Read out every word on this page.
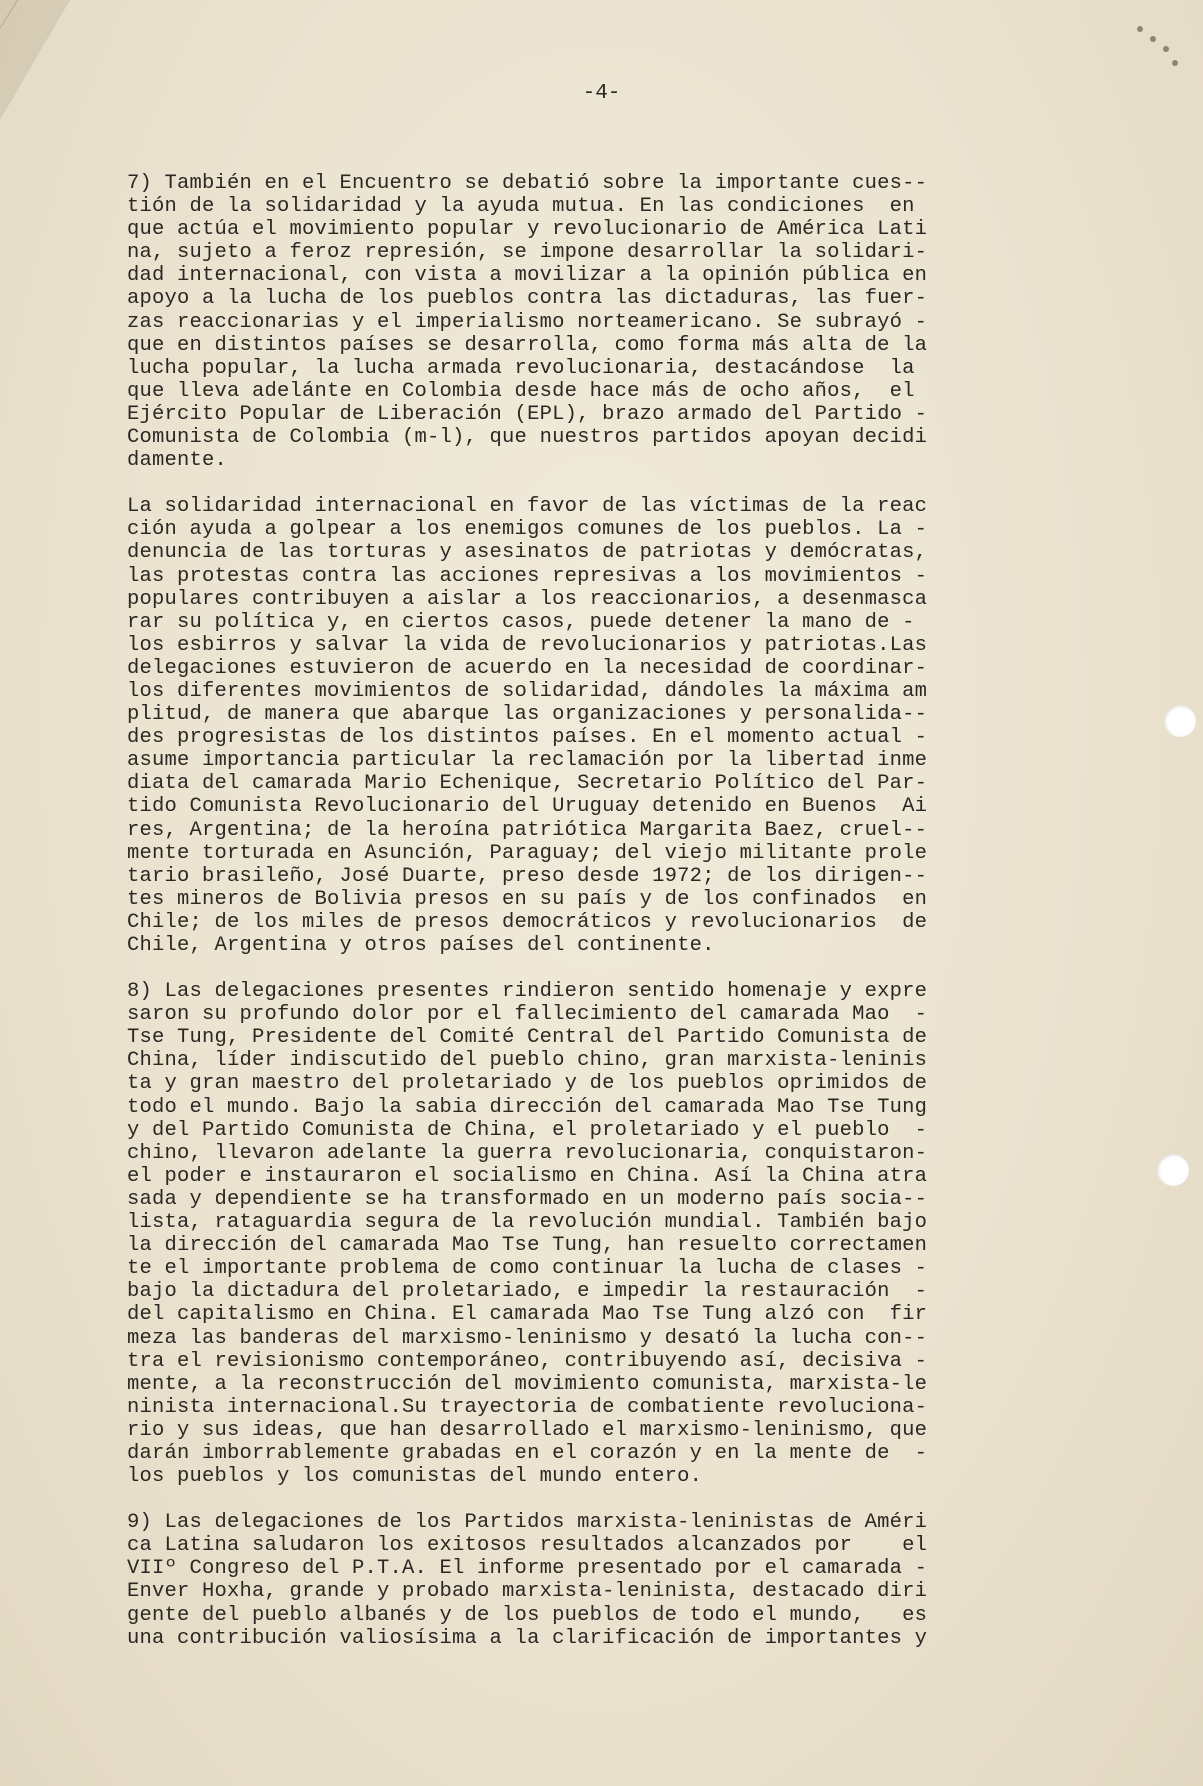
-4-

7) También en el Encuentro se debatió sobre la importante cues--
tión de la solidaridad y la ayuda mutua. En las condiciones  en
que actúa el movimiento popular y revolucionario de América Lati
na, sujeto a feroz represión, se impone desarrollar la solidari-
dad internacional, con vista a movilizar a la opinión pública en
apoyo a la lucha de los pueblos contra las dictaduras, las fuer-
zas reaccionarias y el imperialismo norteamericano. Se subrayó -
que en distintos países se desarrolla, como forma más alta de la
lucha popular, la lucha armada revolucionaria, destacándose  la
que lleva adelánte en Colombia desde hace más de ocho años,  el
Ejército Popular de Liberación (EPL), brazo armado del Partido -
Comunista de Colombia (m-l), que nuestros partidos apoyan decidi
damente.

La solidaridad internacional en favor de las víctimas de la reac
ción ayuda a golpear a los enemigos comunes de los pueblos. La -
denuncia de las torturas y asesinatos de patriotas y demócratas,
las protestas contra las acciones represivas a los movimientos -
populares contribuyen a aislar a los reaccionarios, a desenmasca
rar su política y, en ciertos casos, puede detener la mano de -
los esbirros y salvar la vida de revolucionarios y patriotas.Las
delegaciones estuvieron de acuerdo en la necesidad de coordinar-
los diferentes movimientos de solidaridad, dándoles la máxima am
plitud, de manera que abarque las organizaciones y personalida--
des progresistas de los distintos países. En el momento actual -
asume importancia particular la reclamación por la libertad inme
diata del camarada Mario Echenique, Secretario Político del Par-
tido Comunista Revolucionario del Uruguay detenido en Buenos  Ai
res, Argentina; de la heroína patriótica Margarita Baez, cruel--
mente torturada en Asunción, Paraguay; del viejo militante prole
tario brasileño, José Duarte, preso desde 1972; de los dirigen--
tes mineros de Bolivia presos en su país y de los confinados  en
Chile; de los miles de presos democráticos y revolucionarios  de
Chile, Argentina y otros países del continente.

8) Las delegaciones presentes rindieron sentido homenaje y expre
saron su profundo dolor por el fallecimiento del camarada Mao  -
Tse Tung, Presidente del Comité Central del Partido Comunista de
China, líder indiscutido del pueblo chino, gran marxista-leninis
ta y gran maestro del proletariado y de los pueblos oprimidos de
todo el mundo. Bajo la sabia dirección del camarada Mao Tse Tung
y del Partido Comunista de China, el proletariado y el pueblo  -
chino, llevaron adelante la guerra revolucionaria, conquistaron-
el poder e instauraron el socialismo en China. Así la China atra
sada y dependiente se ha transformado en un moderno país socia--
lista, rataguardia segura de la revolución mundial. También bajo
la dirección del camarada Mao Tse Tung, han resuelto correctamen
te el importante problema de como continuar la lucha de clases -
bajo la dictadura del proletariado, e impedir la restauración  -
del capitalismo en China. El camarada Mao Tse Tung alzó con  fir
meza las banderas del marxismo-leninismo y desató la lucha con--
tra el revisionismo contemporáneo, contribuyendo así, decisiva -
mente, a la reconstrucción del movimiento comunista, marxista-le
ninista internacional.Su trayectoria de combatiente revoluciona-
rio y sus ideas, que han desarrollado el marxismo-leninismo, que
darán imborrablemente grabadas en el corazón y en la mente de  -
los pueblos y los comunistas del mundo entero.

9) Las delegaciones de los Partidos marxista-leninistas de Améri
ca Latina saludaron los exitosos resultados alcanzados por    el
VIIº Congreso del P.T.A. El informe presentado por el camarada -
Enver Hoxha, grande y probado marxista-leninista, destacado diri
gente del pueblo albanés y de los pueblos de todo el mundo,   es
una contribución valiosísima a la clarificación de importantes y
